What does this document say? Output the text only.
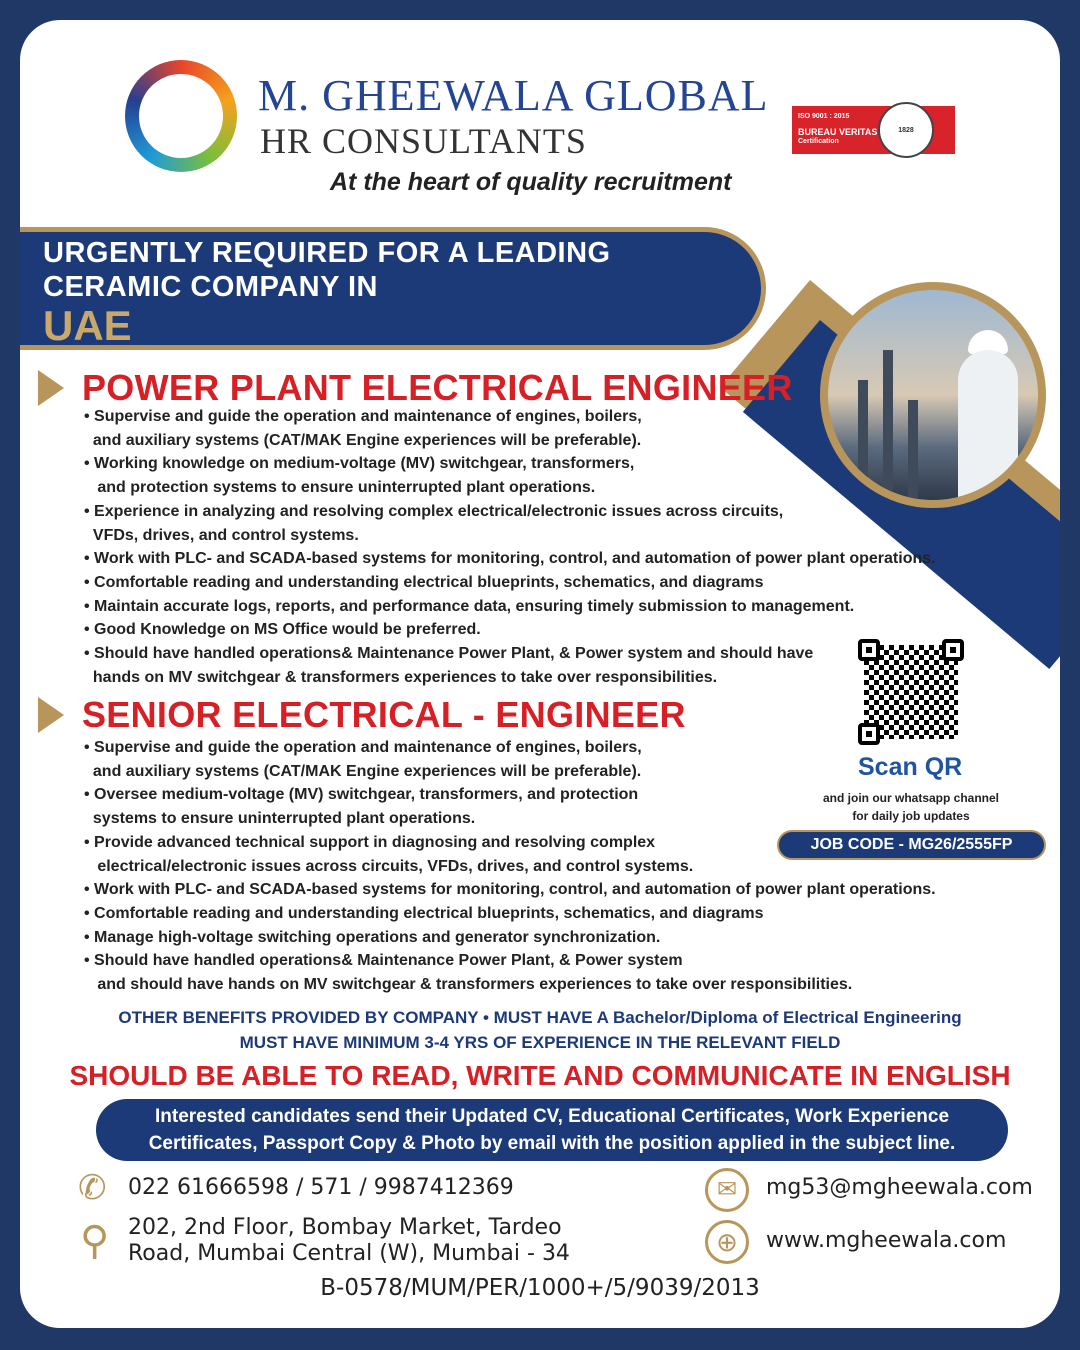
M. GHEEWALA GLOBAL
HR CONSULTANTS
At the heart of quality recruitment
ISO 9001 : 2015
BUREAU VERITAS
Certification
1828
URGENTLY REQUIRED FOR A LEADING
CERAMIC COMPANY IN
UAE
POWER PLANT ELECTRICAL ENGINEER
• Supervise and guide the operation and maintenance of engines, boilers,
and auxiliary systems (CAT/MAK Engine experiences will be preferable).
• Working knowledge on medium-voltage (MV) switchgear, transformers,
and protection systems to ensure uninterrupted plant operations.
• Experience in analyzing and resolving complex electrical/electronic issues across circuits,
VFDs, drives, and control systems.
• Work with PLC- and SCADA-based systems for monitoring, control, and automation of power plant operations.
• Comfortable reading and understanding electrical blueprints, schematics, and diagrams
• Maintain accurate logs, reports, and performance data, ensuring timely submission to management.
• Good Knowledge on MS Office would be preferred.
• Should have handled operations& Maintenance Power Plant, & Power system and should have
hands on MV switchgear & transformers experiences to take over responsibilities.
SENIOR ELECTRICAL - ENGINEER
• Supervise and guide the operation and maintenance of engines, boilers,
and auxiliary systems (CAT/MAK Engine experiences will be preferable).
• Oversee medium-voltage (MV) switchgear, transformers, and protection
systems to ensure uninterrupted plant operations.
• Provide advanced technical support in diagnosing and resolving complex
electrical/electronic issues across circuits, VFDs, drives, and control systems.
• Work with PLC- and SCADA-based systems for monitoring, control, and automation of power plant operations.
• Comfortable reading and understanding electrical blueprints, schematics, and diagrams
• Manage high-voltage switching operations and generator synchronization.
• Should have handled operations& Maintenance Power Plant, & Power system
and should have hands on MV switchgear & transformers experiences to take over responsibilities.
Scan QR
and join our whatsapp channel
for daily job updates
JOB CODE - MG26/2555FP
OTHER BENEFITS PROVIDED BY COMPANY • MUST HAVE A Bachelor/Diploma of Electrical Engineering
MUST HAVE MINIMUM 3-4 YRS OF EXPERIENCE IN THE RELEVANT FIELD
SHOULD BE ABLE TO READ, WRITE AND COMMUNICATE IN ENGLISH
Interested candidates send their Updated CV, Educational Certificates, Work Experience
Certificates, Passport Copy & Photo by email with the position applied in the subject line.
✆ 022 61666598 / 571 / 9987412369
⚲ 202, 2nd Floor, Bombay Market, Tardeo
Road, Mumbai Central (W), Mumbai - 34
✉	mg53@mgheewala.com
⊕	www.mgheewala.com
B-0578/MUM/PER/1000+/5/9039/2013
